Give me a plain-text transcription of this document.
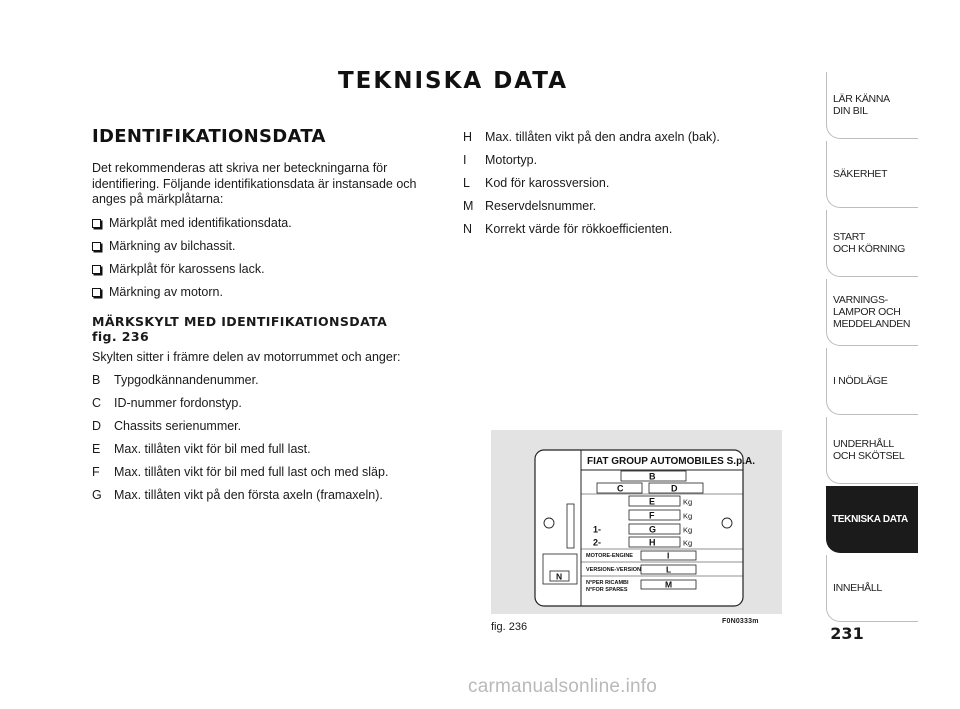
TEKNISKA DATA
IDENTIFIKATIONSDATA

Det rekommenderas att skriva ner beteckningarna för identifiering. Följande identifikationsdata är instansade och anges på märkplåtarna:

Märkplåt med identifikationsdata.
Märkning av bilchassit.
Märkplåt för karossens lack.
Märkning av motorn.
MÄRKSKYLT MED IDENTIFIKATIONSDATA
fig. 236

Skylten sitter i främre delen av motorrummet och anger:

B	Typgodkännandenummer.
C	ID-nummer fordonstyp.
D	Chassits serienummer.
E	Max. tillåten vikt för bil med full last.
F	Max. tillåten vikt för bil med full last och med släp.
G Max. tillåten vikt på den första axeln (framaxeln).
H	Max. tillåten vikt på den andra axeln (bak).
I	Motortyp.
L	Kod för karossversion.
M Reservdelsnummer.
N	Korrekt värde för rökkoefficienten.
FIAT GROUP AUTOMOBILES S.p.A.
B
C	D
E	Kg
F	Kg
G	Kg
1-
H	Kg
2-
MOTORE-ENGINE	I
VERSIONE-VERSION	L
N°PER RICAMBI
N°FOR SPARES
M
N
fig. 236	F0N0333m
LÄR KÄNNA
DIN BIL
SÄKERHET
START
OCH KÖRNING
VARNINGS-
LAMPOR OCH
MEDDELANDEN
I NÖDLÄGE
UNDERHÅLL
OCH SKÖTSEL
TEKNISKA DATA
INNEHÅLL
231
carmanualsonline.info
